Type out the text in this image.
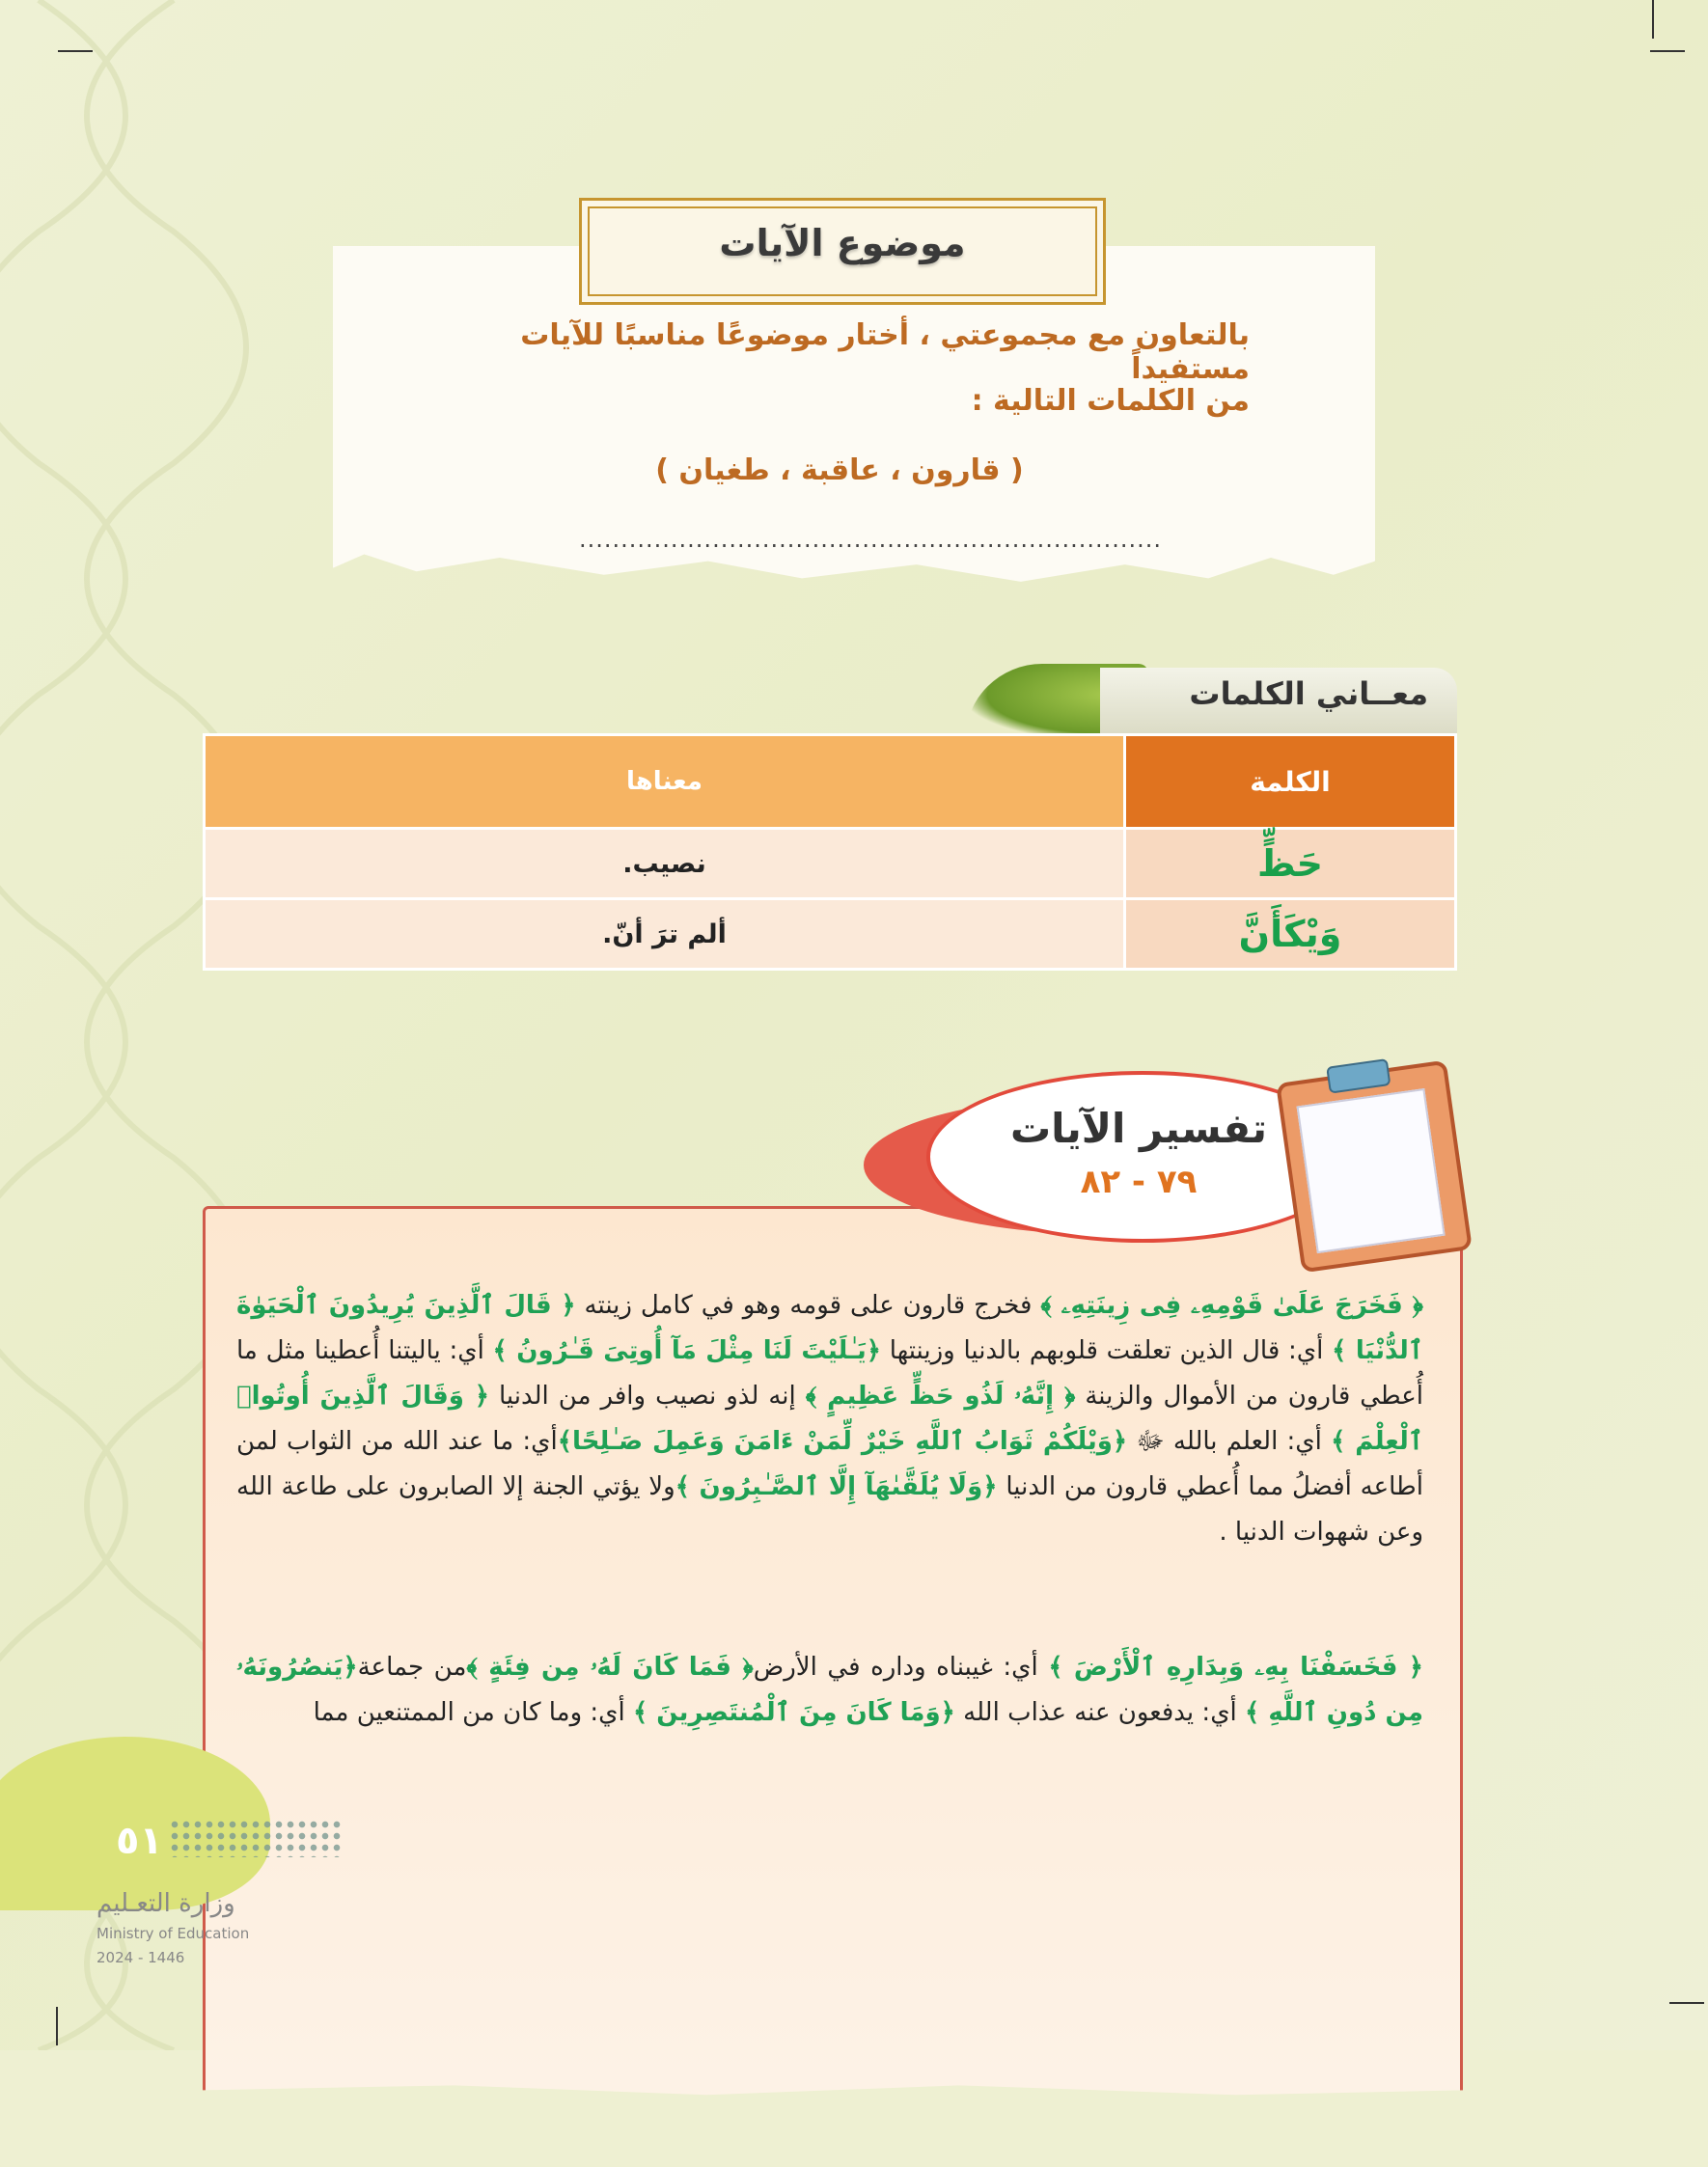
موضوع الآيات
بالتعاون مع مجموعتي ، أختار موضوعًا مناسبًا للآيات مستفيداً
من الكلمات التالية :
( قارون ، عاقبة ، طغيان )
......................................................................
معــاني الكلمات
الكلمة	معناها
حَظٍّ	نصيب.
وَيْكَأَنَّ	ألم ترَ أنّ.
تفسير الآيات
٧٩ - ٨٢
﴿ فَخَرَجَ عَلَىٰ قَوْمِهِۦ فِى زِينَتِهِۦ ﴾ فخرج قارون على قومه وهو في كامل زينته ﴿ قَالَ ٱلَّذِينَ يُرِيدُونَ ٱلْحَيَوٰةَ ٱلدُّنْيَا ﴾ أي: قال الذين تعلقت قلوبهم بالدنيا وزينتها ﴿يَـٰلَيْتَ لَنَا مِثْلَ مَآ أُوتِىَ قَـٰرُونُ ﴾ أي: ياليتنا أُعطينا مثل ما أُعطي قارون من الأموال والزينة ﴿ إِنَّهُۥ لَذُو حَظٍّ عَظِيمٍ ﴾ إنه لذو نصيب وافر من الدنيا ﴿ وَقَالَ ٱلَّذِينَ أُوتُوا۟ ٱلْعِلْمَ ﴾ أي: العلم بالله ﷻ ﴿وَيْلَكُمْ ثَوَابُ ٱللَّهِ خَيْرٌ لِّمَنْ ءَامَنَ وَعَمِلَ صَـٰلِحًا﴾أي: ما عند الله من الثواب لمن أطاعه أفضلُ مما أُعطي قارون من الدنيا ﴿وَلَا يُلَقَّىٰهَآ إِلَّا ٱلصَّـٰبِرُونَ ﴾ولا يؤتي الجنة إلا الصابرون على طاعة الله وعن شهوات الدنيا .
﴿ فَخَسَفْنَا بِهِۦ وَبِدَارِهِ ٱلْأَرْضَ ﴾ أي: غيبناه وداره في الأرض﴿ فَمَا كَانَ لَهُۥ مِن فِئَةٍ ﴾من جماعة﴿يَنصُرُونَهُۥ مِن دُونِ ٱللَّهِ ﴾ أي: يدفعون عنه عذاب الله ﴿وَمَا كَانَ مِنَ ٱلْمُنتَصِرِينَ ﴾ أي: وما كان من الممتنعين مما
٥١
وزارة التعـليم
Ministry of Education
2024 - 1446
